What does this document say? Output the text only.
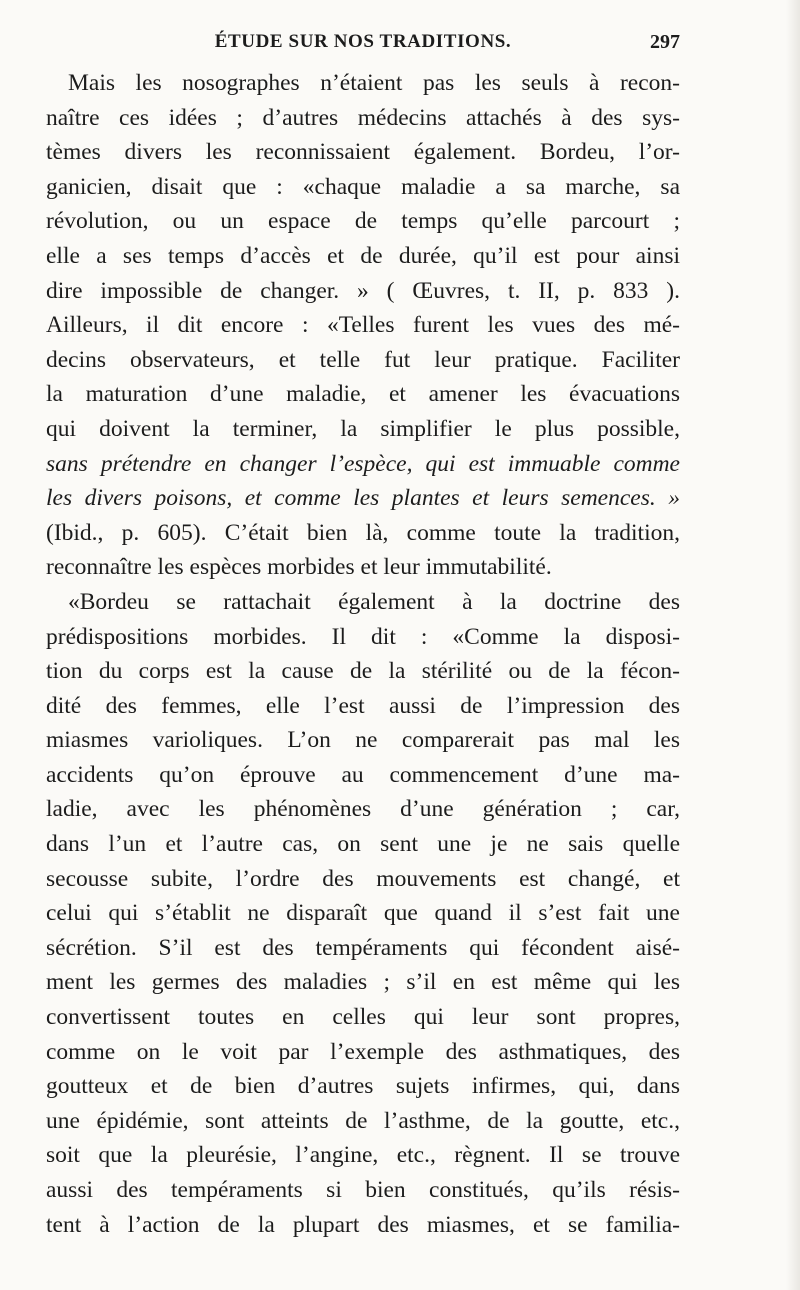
ÉTUDE SUR NOS TRADITIONS.	297
Mais les nosographes n’étaient pas les seuls à recon-
naître ces idées ; d’autres médecins attachés à des sys-
tèmes divers les reconnissaient également. Bordeu, l’or-
ganicien, disait que : «chaque maladie a sa marche, sa
révolution, ou un espace de temps qu’elle parcourt ;
elle a ses temps d’accès et de durée, qu’il est pour ainsi
dire impossible de changer. » ( Œuvres, t. II, p. 833 ).
Ailleurs, il dit encore : «Telles furent les vues des mé-
decins observateurs, et telle fut leur pratique. Faciliter
la maturation d’une maladie, et amener les évacuations
qui doivent la terminer, la simplifier le plus possible,
sans prétendre en changer l’espèce, qui est immuable comme
les divers poisons, et comme les plantes et leurs semences. »
(Ibid., p. 605). C’était bien là, comme toute la tradition,
reconnaître les espèces morbides et leur immutabilité.
«Bordeu se rattachait également à la doctrine des
prédispositions morbides. Il dit : «Comme la disposi-
tion du corps est la cause de la stérilité ou de la fécon-
dité des femmes, elle l’est aussi de l’impression des
miasmes varioliques. L’on ne comparerait pas mal les
accidents qu’on éprouve au commencement d’une ma-
ladie, avec les phénomènes d’une génération ; car,
dans l’un et l’autre cas, on sent une je ne sais quelle
secousse subite, l’ordre des mouvements est changé, et
celui qui s’établit ne disparaît que quand il s’est fait une
sécrétion. S’il est des tempéraments qui fécondent aisé-
ment les germes des maladies ; s’il en est même qui les
convertissent toutes en celles qui leur sont propres,
comme on le voit par l’exemple des asthmatiques, des
goutteux et de bien d’autres sujets infirmes, qui, dans
une épidémie, sont atteints de l’asthme, de la goutte, etc.,
soit que la pleurésie, l’angine, etc., règnent. Il se trouve
aussi des tempéraments si bien constitués, qu’ils résis-
tent à l’action de la plupart des miasmes, et se familia-
